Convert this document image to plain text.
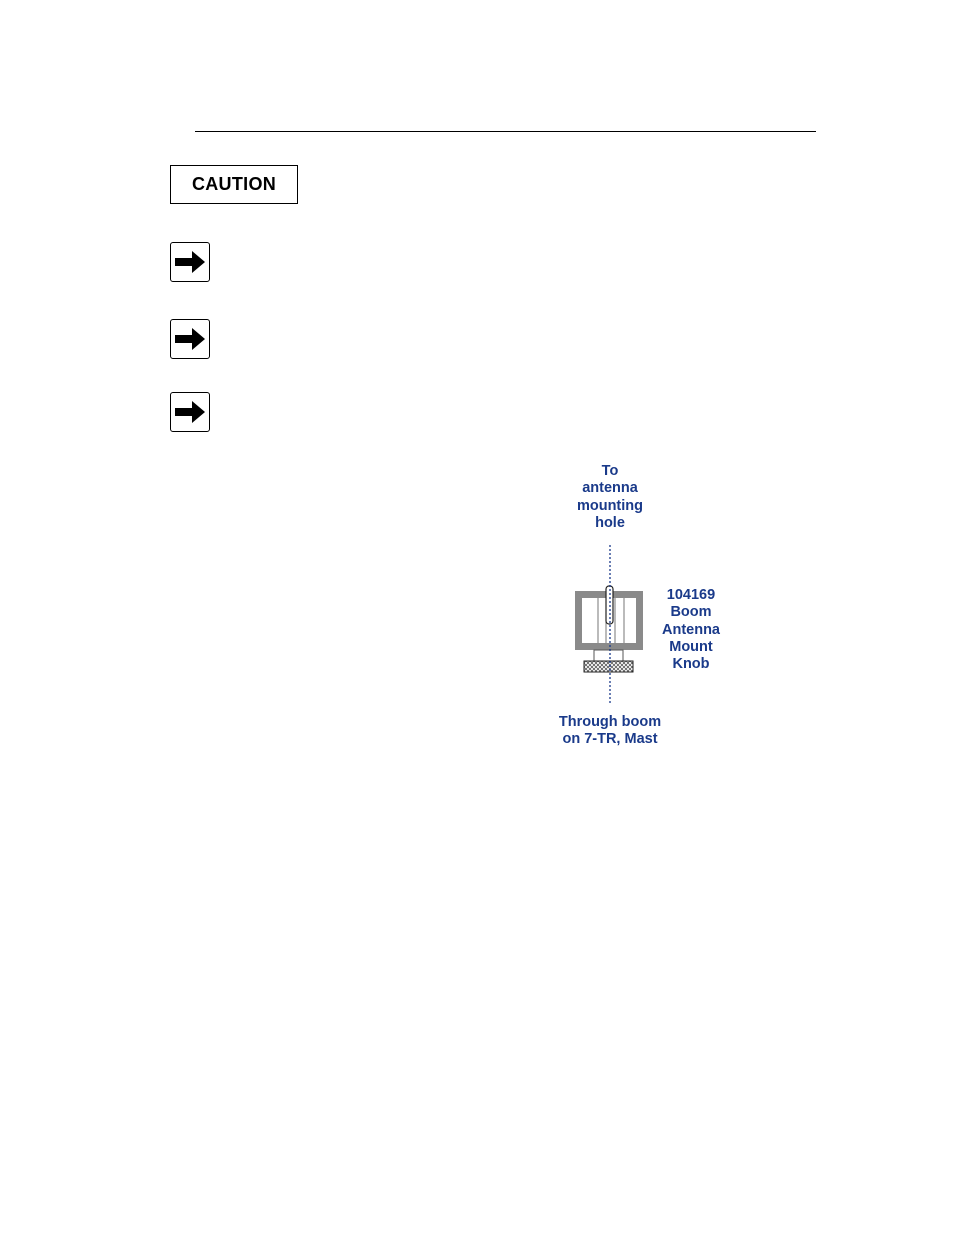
CAUTION
To
antenna
mounting
hole
104169
Boom
Antenna
Mount
Knob
Through boom
on 7-TR, Mast
